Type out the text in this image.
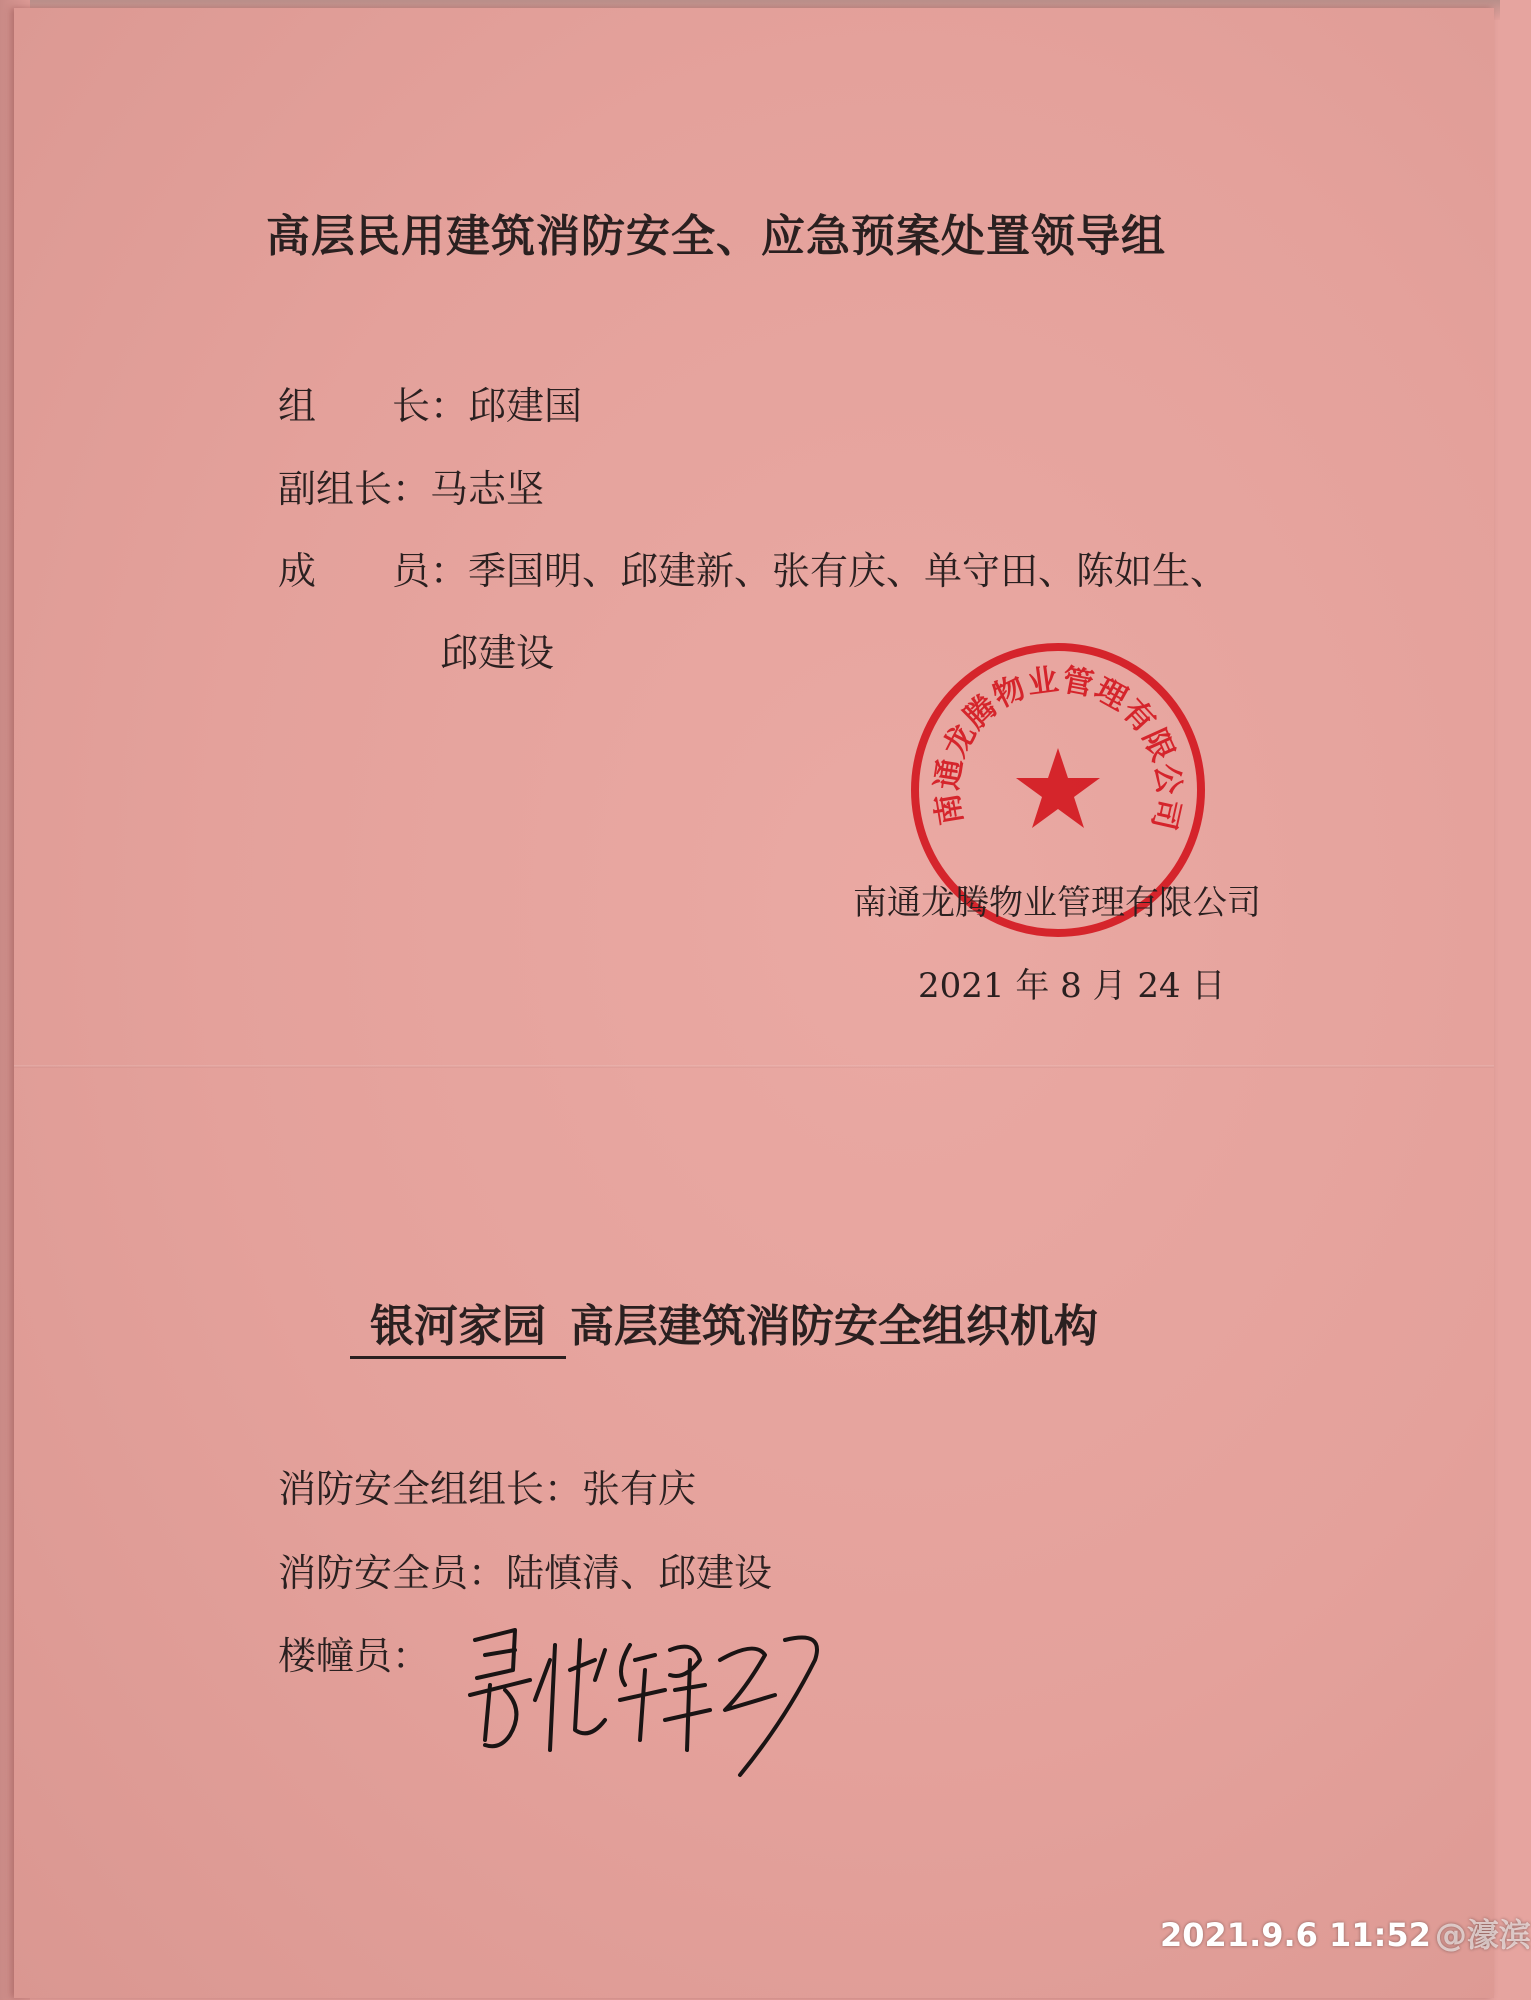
高层民用建筑消防安全、应急预案处置领导组
组　　长：邱建国
副组长：马志坚
成　　员：季国明、邱建新、张有庆、单守田、陈如生、
邱建设
南通龙腾物业管理有限公司
南通龙腾物业管理有限公司
2021 年 8 月 24 日
银河家园 高层建筑消防安全组织机构
消防安全组组长：张有庆
消防安全员：陆慎清、邱建设
楼幢员：
2021.9.6 11:52 @濠滨
